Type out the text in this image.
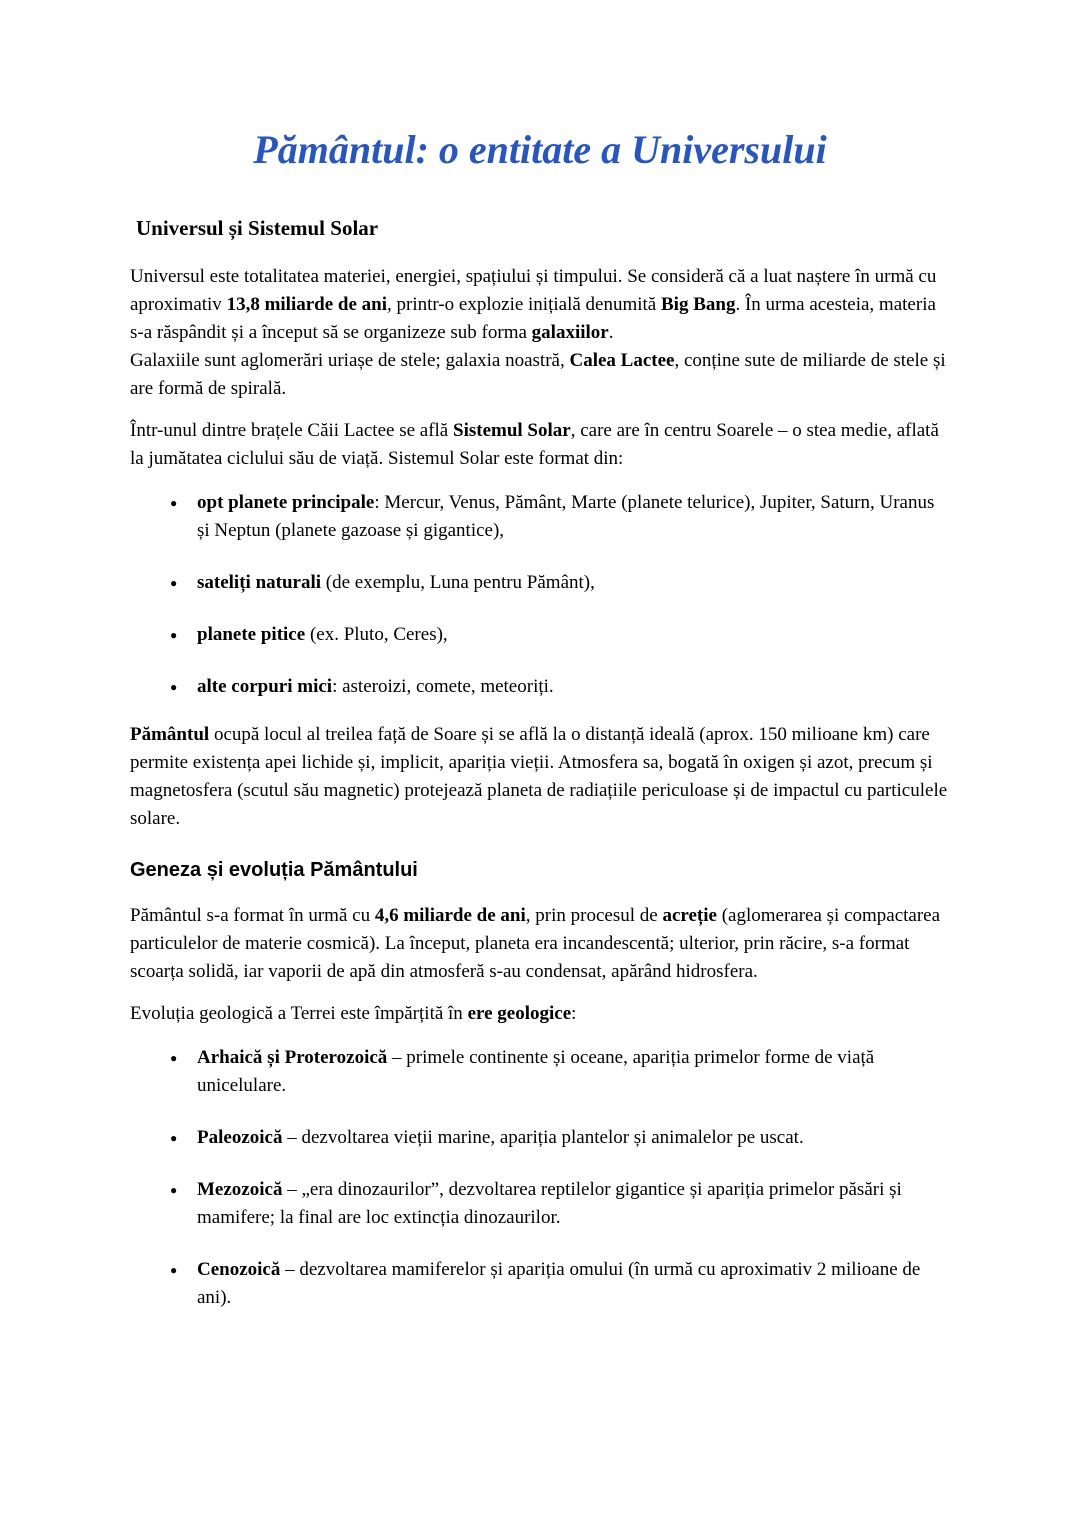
Pământul: o entitate a Universului
Universul și Sistemul Solar

Universul este totalitatea materiei, energiei, spațiului și timpului. Se consideră că a luat naștere în urmă cu aproximativ 13,8 miliarde de ani, printr-o explozie inițială denumită Big Bang. În urma acesteia, materia s-a răspândit și a început să se organizeze sub forma galaxiilor.
Galaxiile sunt aglomerări uriașe de stele; galaxia noastră, Calea Lactee, conține sute de miliarde de stele și are formă de spirală.

Într-unul dintre brațele Căii Lactee se află Sistemul Solar, care are în centru Soarele – o stea medie, aflată la jumătatea ciclului său de viață. Sistemul Solar este format din:

●	opt planete principale: Mercur, Venus, Pământ, Marte (planete telurice), Jupiter, Saturn, Uranus și Neptun (planete gazoase și gigantice),
●	sateliți naturali (de exemplu, Luna pentru Pământ),
●	planete pitice (ex. Pluto, Ceres),
●	alte corpuri mici: asteroizi, comete, meteoriți.

Pământul ocupă locul al treilea față de Soare și se află la o distanță ideală (aprox. 150 milioane km) care permite existența apei lichide și, implicit, apariția vieții. Atmosfera sa, bogată în oxigen și azot, precum și magnetosfera (scutul său magnetic) protejează planeta de radiațiile periculoase și de impactul cu particulele solare.

Geneza și evoluția Pământului

Pământul s-a format în urmă cu 4,6 miliarde de ani, prin procesul de acreție (aglomerarea și compactarea particulelor de materie cosmică). La început, planeta era incandescentă; ulterior, prin răcire, s-a format scoarța solidă, iar vaporii de apă din atmosferă s-au condensat, apărând hidrosfera.

Evoluția geologică a Terrei este împărțită în ere geologice:

●	Arhaică și Proterozoică – primele continente și oceane, apariția primelor forme de viață unicelulare.
●	Paleozoică – dezvoltarea vieții marine, apariția plantelor și animalelor pe uscat.
●	Mezozoică – „era dinozaurilor”, dezvoltarea reptilelor gigantice și apariția primelor păsări și mamifere; la final are loc extincția dinozaurilor.
●	Cenozoică – dezvoltarea mamiferelor și apariția omului (în urmă cu aproximativ 2 milioane de ani).
